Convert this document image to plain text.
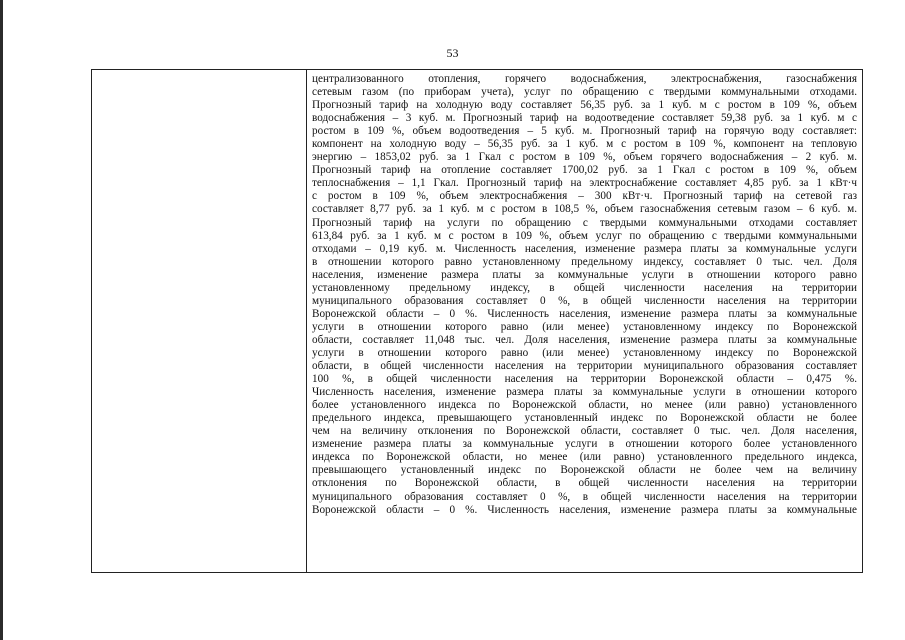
53
централизованного отопления, горячего водоснабжения, электроснабжения, газоснабжения
сетевым газом (по приборам учета), услуг по обращению с твердыми коммунальными отходами.
Прогнозный тариф на холодную воду составляет 56,35 руб. за 1 куб. м с ростом в 109 %, объем
водоснабжения – 3 куб. м. Прогнозный тариф на водоотведение составляет 59,38 руб. за 1 куб. м с
ростом в 109 %, объем водоотведения – 5 куб. м. Прогнозный тариф на горячую воду составляет:
компонент на холодную воду – 56,35 руб. за 1 куб. м с ростом в 109 %, компонент на тепловую
энергию – 1853,02 руб. за 1 Гкал с ростом в 109 %, объем горячего водоснабжения – 2 куб. м.
Прогнозный тариф на отопление составляет 1700,02 руб. за 1 Гкал с ростом в 109 %, объем
теплоснабжения – 1,1 Гкал. Прогнозный тариф на электроснабжение составляет 4,85 руб. за 1 кВт·ч
с ростом в 109 %, объем электроснабжения – 300 кВт·ч. Прогнозный тариф на сетевой газ
составляет 8,77 руб. за 1 куб. м с ростом в 108,5 %, объем газоснабжения сетевым газом – 6 куб. м.
Прогнозный тариф на услуги по обращению с твердыми коммунальными отходами составляет
613,84 руб. за 1 куб. м с ростом в 109 %, объем услуг по обращению с твердыми коммунальными
отходами – 0,19 куб. м. Численность населения, изменение размера платы за коммунальные услуги
в отношении которого равно установленному предельному индексу, составляет 0 тыс. чел. Доля
населения, изменение размера платы за коммунальные услуги в отношении которого равно
установленному предельному индексу, в общей численности населения на территории
муниципального образования составляет 0 %, в общей численности населения на территории
Воронежской области – 0 %. Численность населения, изменение размера платы за коммунальные
услуги в отношении которого равно (или менее) установленному индексу по Воронежской
области, составляет 11,048 тыс. чел. Доля населения, изменение размера платы за коммунальные
услуги в отношении которого равно (или менее) установленному индексу по Воронежской
области, в общей численности населения на территории муниципального образования составляет
100 %, в общей численности населения на территории Воронежской области – 0,475 %.
Численность населения, изменение размера платы за коммунальные услуги в отношении которого
более установленного индекса по Воронежской области, но менее (или равно) установленного
предельного индекса, превышающего установленный индекс по Воронежской области не более
чем на величину отклонения по Воронежской области, составляет 0 тыс. чел. Доля населения,
изменение размера платы за коммунальные услуги в отношении которого более установленного
индекса по Воронежской области, но менее (или равно) установленного предельного индекса,
превышающего установленный индекс по Воронежской области не более чем на величину
отклонения по Воронежской области, в общей численности населения на территории
муниципального образования составляет 0 %, в общей численности населения на территории
Воронежской области – 0 %. Численность населения, изменение размера платы за коммунальные
